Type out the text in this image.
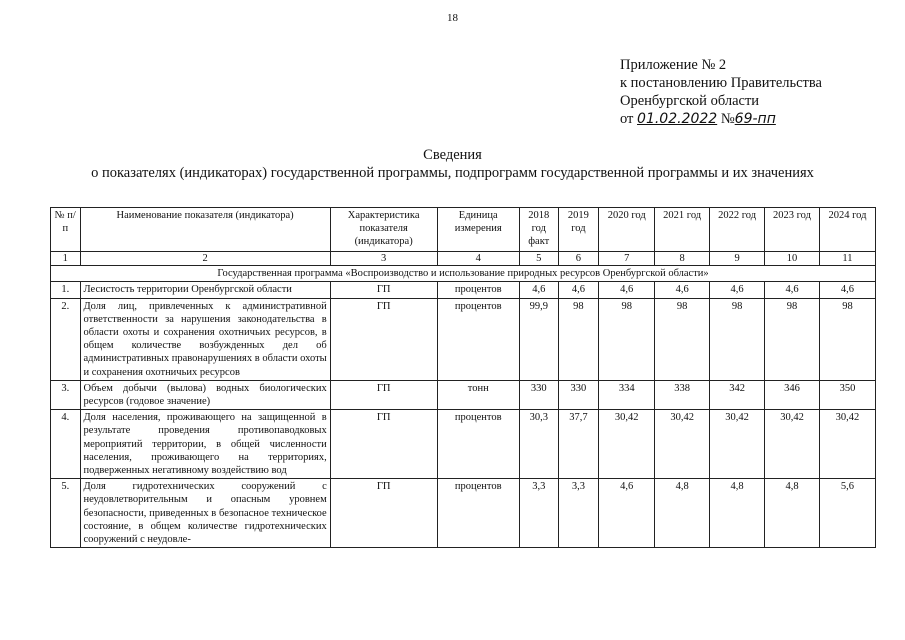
18
Приложение № 2
к постановлению Правительства
Оренбургской области
от 01.02.2022 №69-пп
Сведения
о показателях (индикаторах) государственной программы, подпрограмм государственной программы и их значениях
№ п/п	Наименование показателя (индикатора)	Характеристика показателя (индикатора)	Единица измерения	2018 год факт	2019 год	2020 год	2021 год	2022 год	2023 год	2024 год
1	2	3	4	5	6	7	8	9	10	11
Государственная программа «Воспроизводство и использование природных ресурсов Оренбургской области»										
1.	Лесистость территории Оренбургской области	ГП	процентов	4,6	4,6	4,6	4,6	4,6	4,6	4,6
2.	Доля лиц, привлеченных к административной ответственности за нарушения законодательства в области охоты и сохранения охотничьих ресурсов, в общем количестве возбужденных дел об административных правонарушениях в области охоты и сохранения охотничьих ресурсов	ГП	процентов	99,9	98	98	98	98	98	98
3.	Объем добычи (вылова) водных биологических ресурсов (годовое значение)	ГП	тонн	330	330	334	338	342	346	350
4.	Доля населения, проживающего на защищенной в результате проведения противопаводковых мероприятий территории, в общей численности населения, проживающего на территориях, подверженных негативному воздействию вод	ГП	процентов	30,3	37,7	30,42	30,42	30,42	30,42	30,42
5.	Доля гидротехнических сооружений с неудовлетворительным и опасным уровнем безопасности, приведенных в безопасное техническое состояние, в общем количестве гидротехнических сооружений с неудовле-	ГП	процентов	3,3	3,3	4,6	4,8	4,8	4,8	5,6
